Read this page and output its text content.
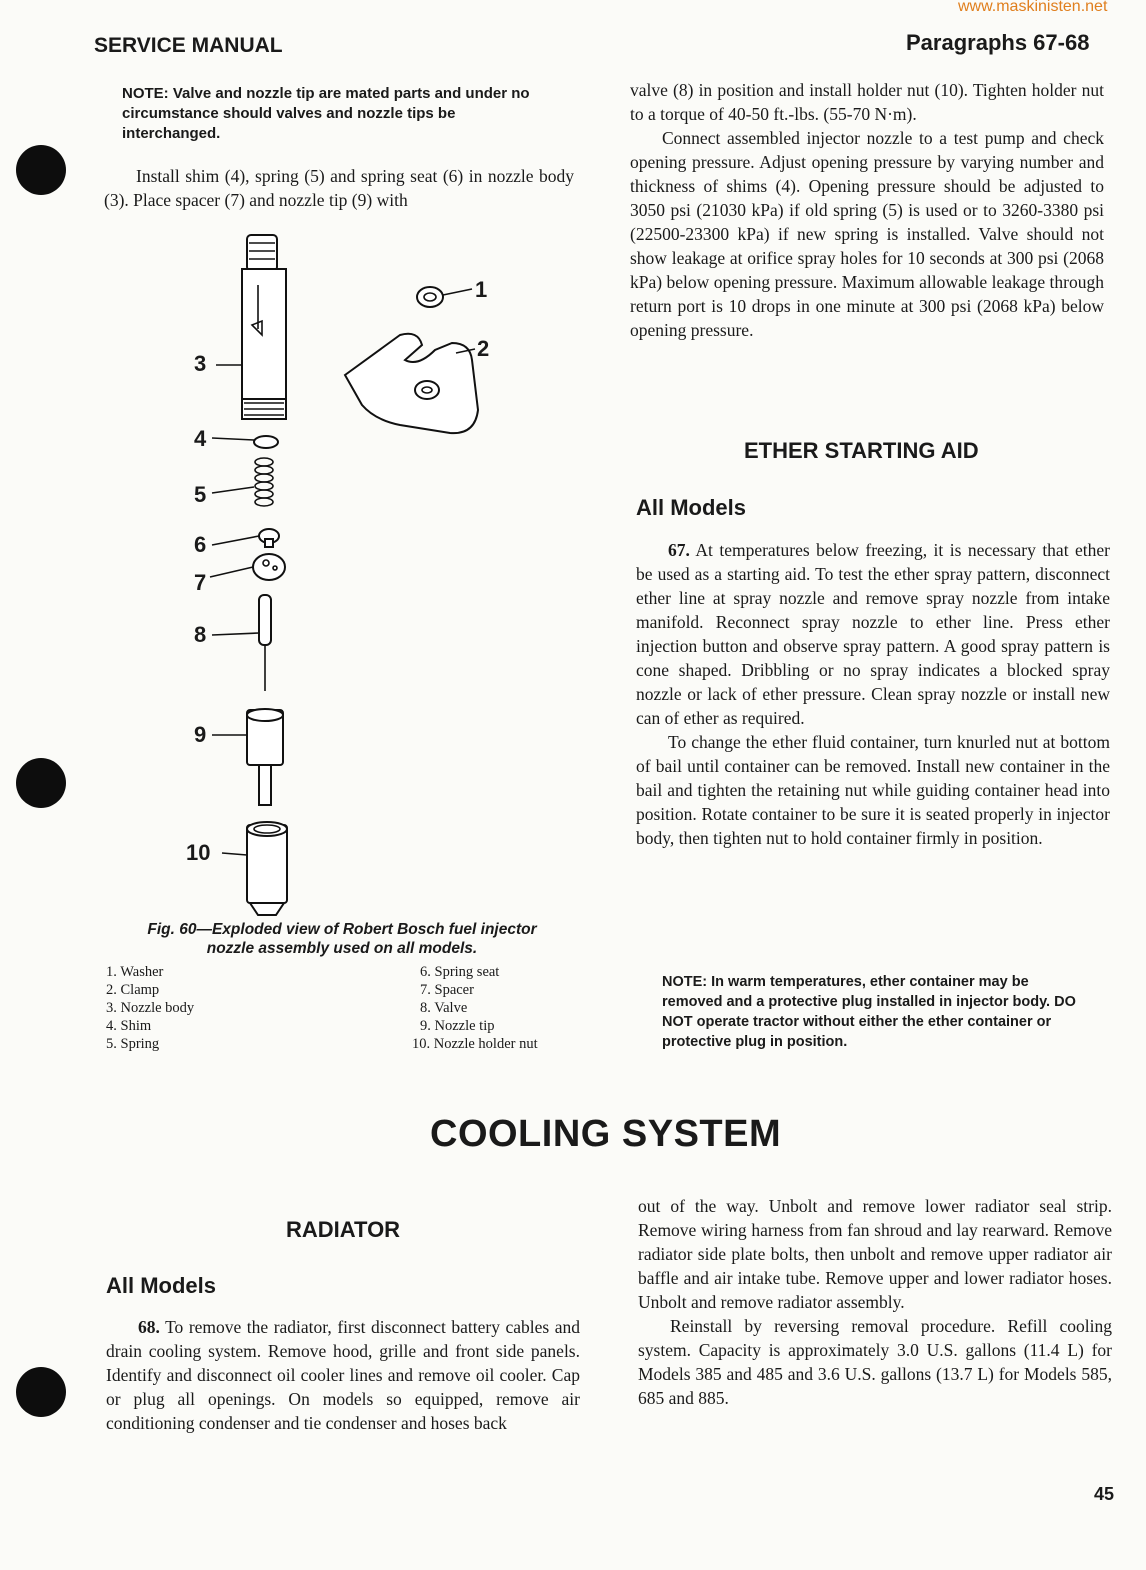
www.maskinisten.net
SERVICE MANUAL	Paragraphs 67-68
NOTE: Valve and nozzle tip are mated parts and under no circumstance should valves and nozzle tips be interchanged.

Install shim (4), spring (5) and spring seat (6) in nozzle body (3). Place spacer (7) and nozzle tip (9) with

1
2
3
4
5
6
7
8
9
10
Fig. 60—Exploded view of Robert Bosch fuel injector
nozzle assembly used on all models.
1. Washer
2. Clamp
3. Nozzle body
4. Shim
5. Spring
6. Spring seat
7. Spacer
8. Valve
9. Nozzle tip
10. Nozzle holder nut

valve (8) in position and install holder nut (10). Tighten holder nut to a torque of 40-50 ft.-lbs. (55-70 N·m).

Connect assembled injector nozzle to a test pump and check opening pressure. Adjust opening pressure by varying number and thickness of shims (4). Opening pressure should be adjusted to 3050 psi (21030 kPa) if old spring (5) is used or to 3260-3380 psi (22500-23300 kPa) if new spring is installed. Valve should not show leakage at orifice spray holes for 10 seconds at 300 psi (2068 kPa) below opening pressure. Maximum allowable leakage through return port is 10 drops in one minute at 300 psi (2068 kPa) below opening pressure.

ETHER STARTING AID
All Models

67. At temperatures below freezing, it is necessary that ether be used as a starting aid. To test the ether spray pattern, disconnect ether line at spray nozzle and remove spray nozzle from intake manifold. Reconnect spray nozzle to ether line. Press ether injection button and observe spray pattern. A good spray pattern is cone shaped. Dribbling or no spray indicates a blocked spray nozzle or lack of ether pressure. Clean spray nozzle or install new can of ether as required.

To change the ether fluid container, turn knurled nut at bottom of bail until container can be removed. Install new container in the bail and tighten the retaining nut while guiding container head into position. Rotate container to be sure it is seated properly in injector body, then tighten nut to hold container firmly in position.

NOTE: In warm temperatures, ether container may be removed and a protective plug installed in injector body. DO NOT operate tractor without either the ether container or protective plug in position.
COOLING SYSTEM
RADIATOR
All Models

68. To remove the radiator, first disconnect battery cables and drain cooling system. Remove hood, grille and front side panels. Identify and disconnect oil cooler lines and remove oil cooler. Cap or plug all openings. On models so equipped, remove air conditioning condenser and tie condenser and hoses back

out of the way. Unbolt and remove lower radiator seal strip. Remove wiring harness from fan shroud and lay rearward. Remove radiator side plate bolts, then unbolt and remove upper radiator air baffle and air intake tube. Remove upper and lower radiator hoses. Unbolt and remove radiator assembly.

Reinstall by reversing removal procedure. Refill cooling system. Capacity is approximately 3.0 U.S. gallons (11.4 L) for Models 385 and 485 and 3.6 U.S. gallons (13.7 L) for Models 585, 685 and 885.

45
